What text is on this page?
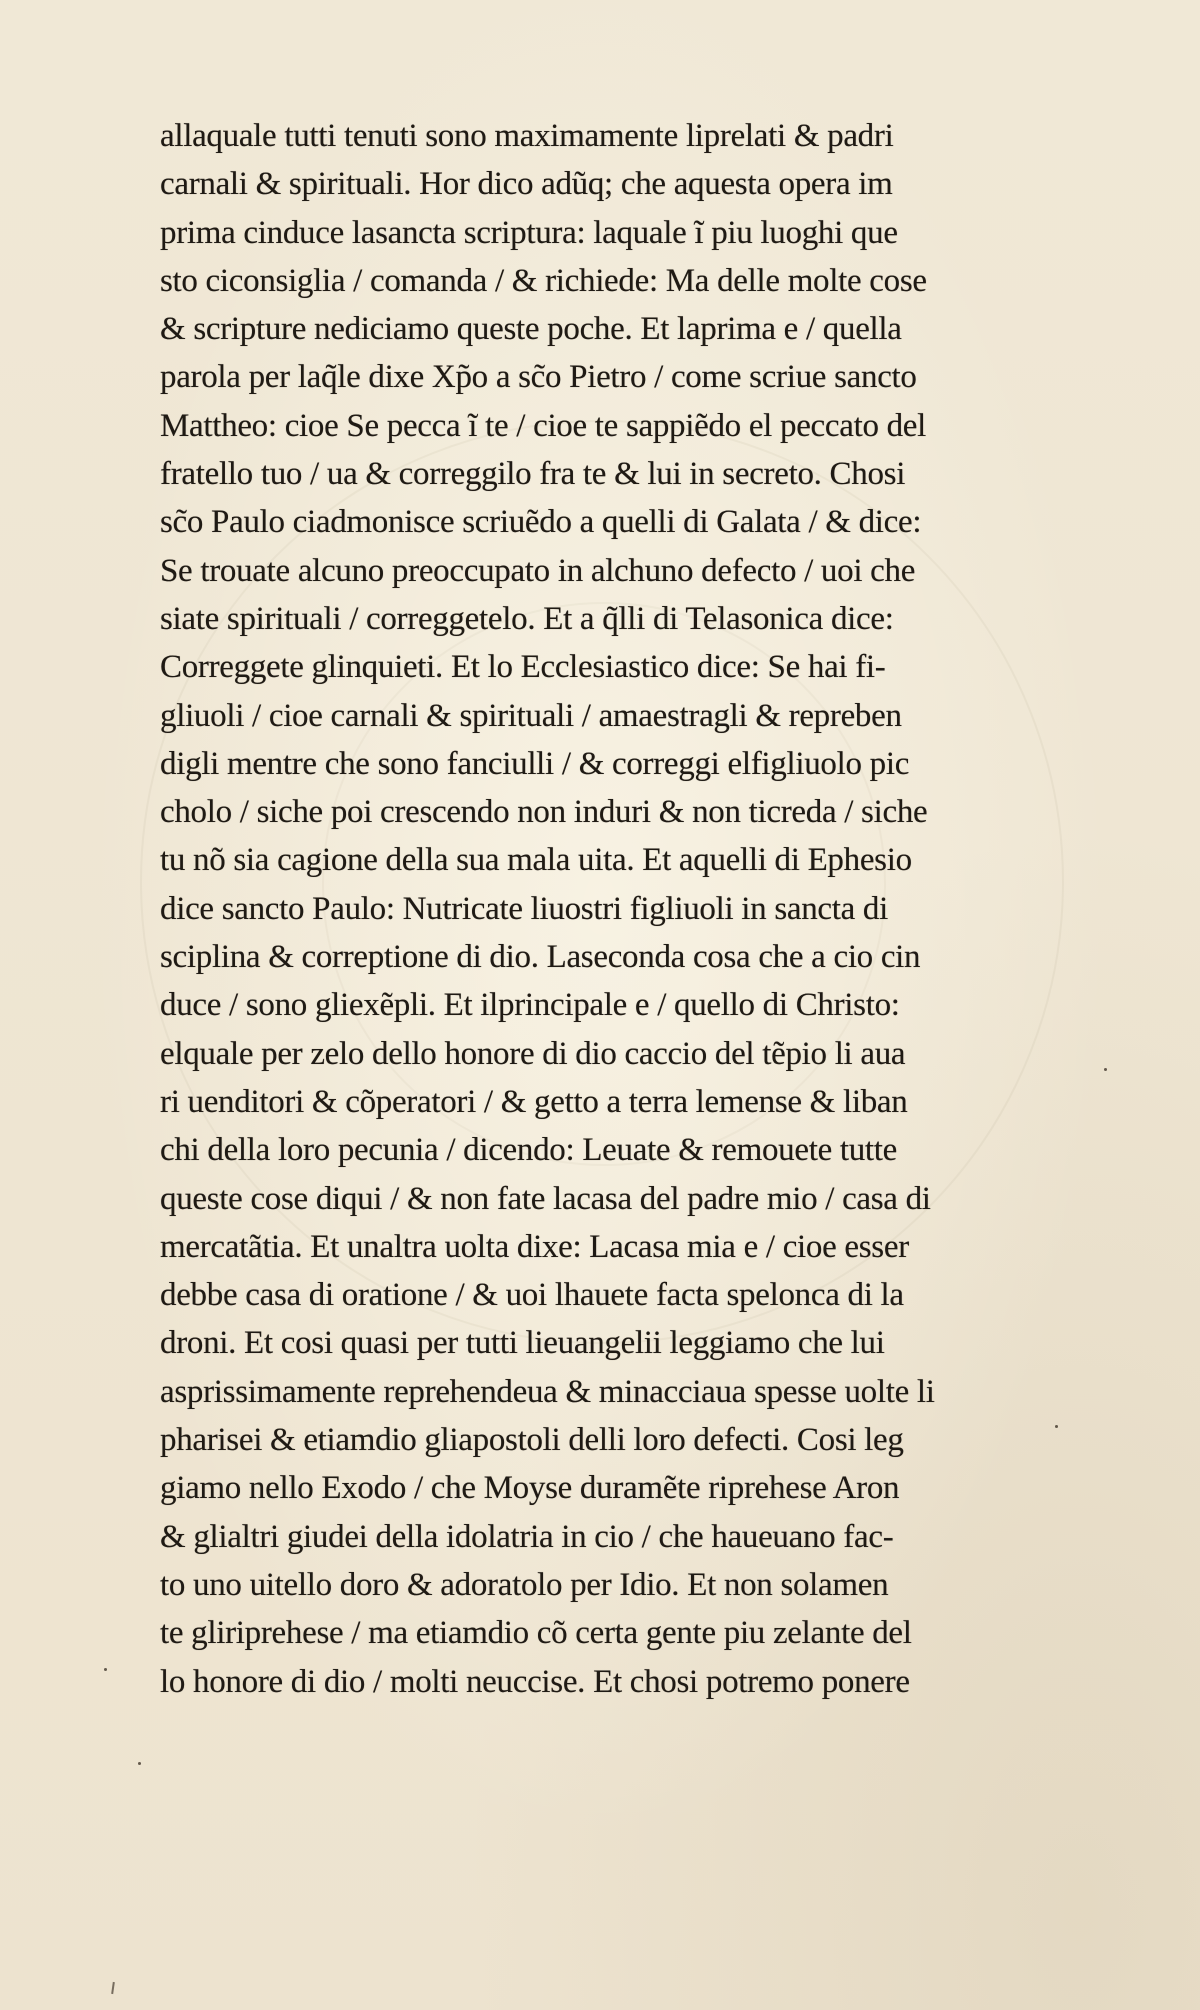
allaquale tutti tenuti sono maximamente liprelati & padri
carnali & spirituali. Hor dico adũq; che aquesta opera im
prima cinduce lasancta scriptura: laquale ĩ piu luoghi que
sto ciconsiglia / comanda / & richiede: Ma delle molte cose
& scripture nediciamo queste poche. Et laprima e / quella
parola per laq̃le dixe Xp̃o a sc̃o Pietro / come scriue sancto
Mattheo: cioe Se pecca ĩ te / cioe te sappiẽdo el peccato del
fratello tuo / ua & correggilo fra te & lui in secreto. Chosi
sc̃o Paulo ciadmonisce scriuẽdo a quelli di Galata / & dice:
Se trouate alcuno preoccupato in alchuno defecto / uoi che
siate spirituali / correggetelo. Et a q̃lli di Telasonica dice:
Correggete glinquieti. Et lo Ecclesiastico dice: Se hai fi-
gliuoli / cioe carnali & spirituali / amaestragli & repreben
digli mentre che sono fanciulli / & correggi elfigliuolo pic
cholo / siche poi crescendo non induri & non ticreda / siche
tu nõ sia cagione della sua mala uita. Et aquelli di Ephesio
dice sancto Paulo: Nutricate liuostri figliuoli in sancta di
sciplina & correptione di dio. Laseconda cosa che a cio cin
duce / sono gliexẽpli. Et ilprincipale e / quello di Christo:
elquale per zelo dello honore di dio caccio del tẽpio li aua
ri uenditori & cõperatori / & getto a terra lemense & liban
chi della loro pecunia / dicendo: Leuate & remouete tutte
queste cose diqui / & non fate lacasa del padre mio / casa di
mercatãtia. Et unaltra uolta dixe: Lacasa mia e / cioe esser
debbe casa di oratione / & uoi lhauete facta spelonca di la
droni. Et cosi quasi per tutti lieuangelii leggiamo che lui
asprissimamente reprehendeua & minacciaua spesse uolte li
pharisei & etiamdio gliapostoli delli loro defecti. Cosi leg
giamo nello Exodo / che Moyse duramẽte riprehese Aron
& glialtri giudei della idolatria in cio / che haueuano fac-
to uno uitello doro & adoratolo per Idio. Et non solamen
te gliriprehese / ma etiamdio cõ certa gente piu zelante del
lo honore di dio / molti neuccise. Et chosi potremo ponere
